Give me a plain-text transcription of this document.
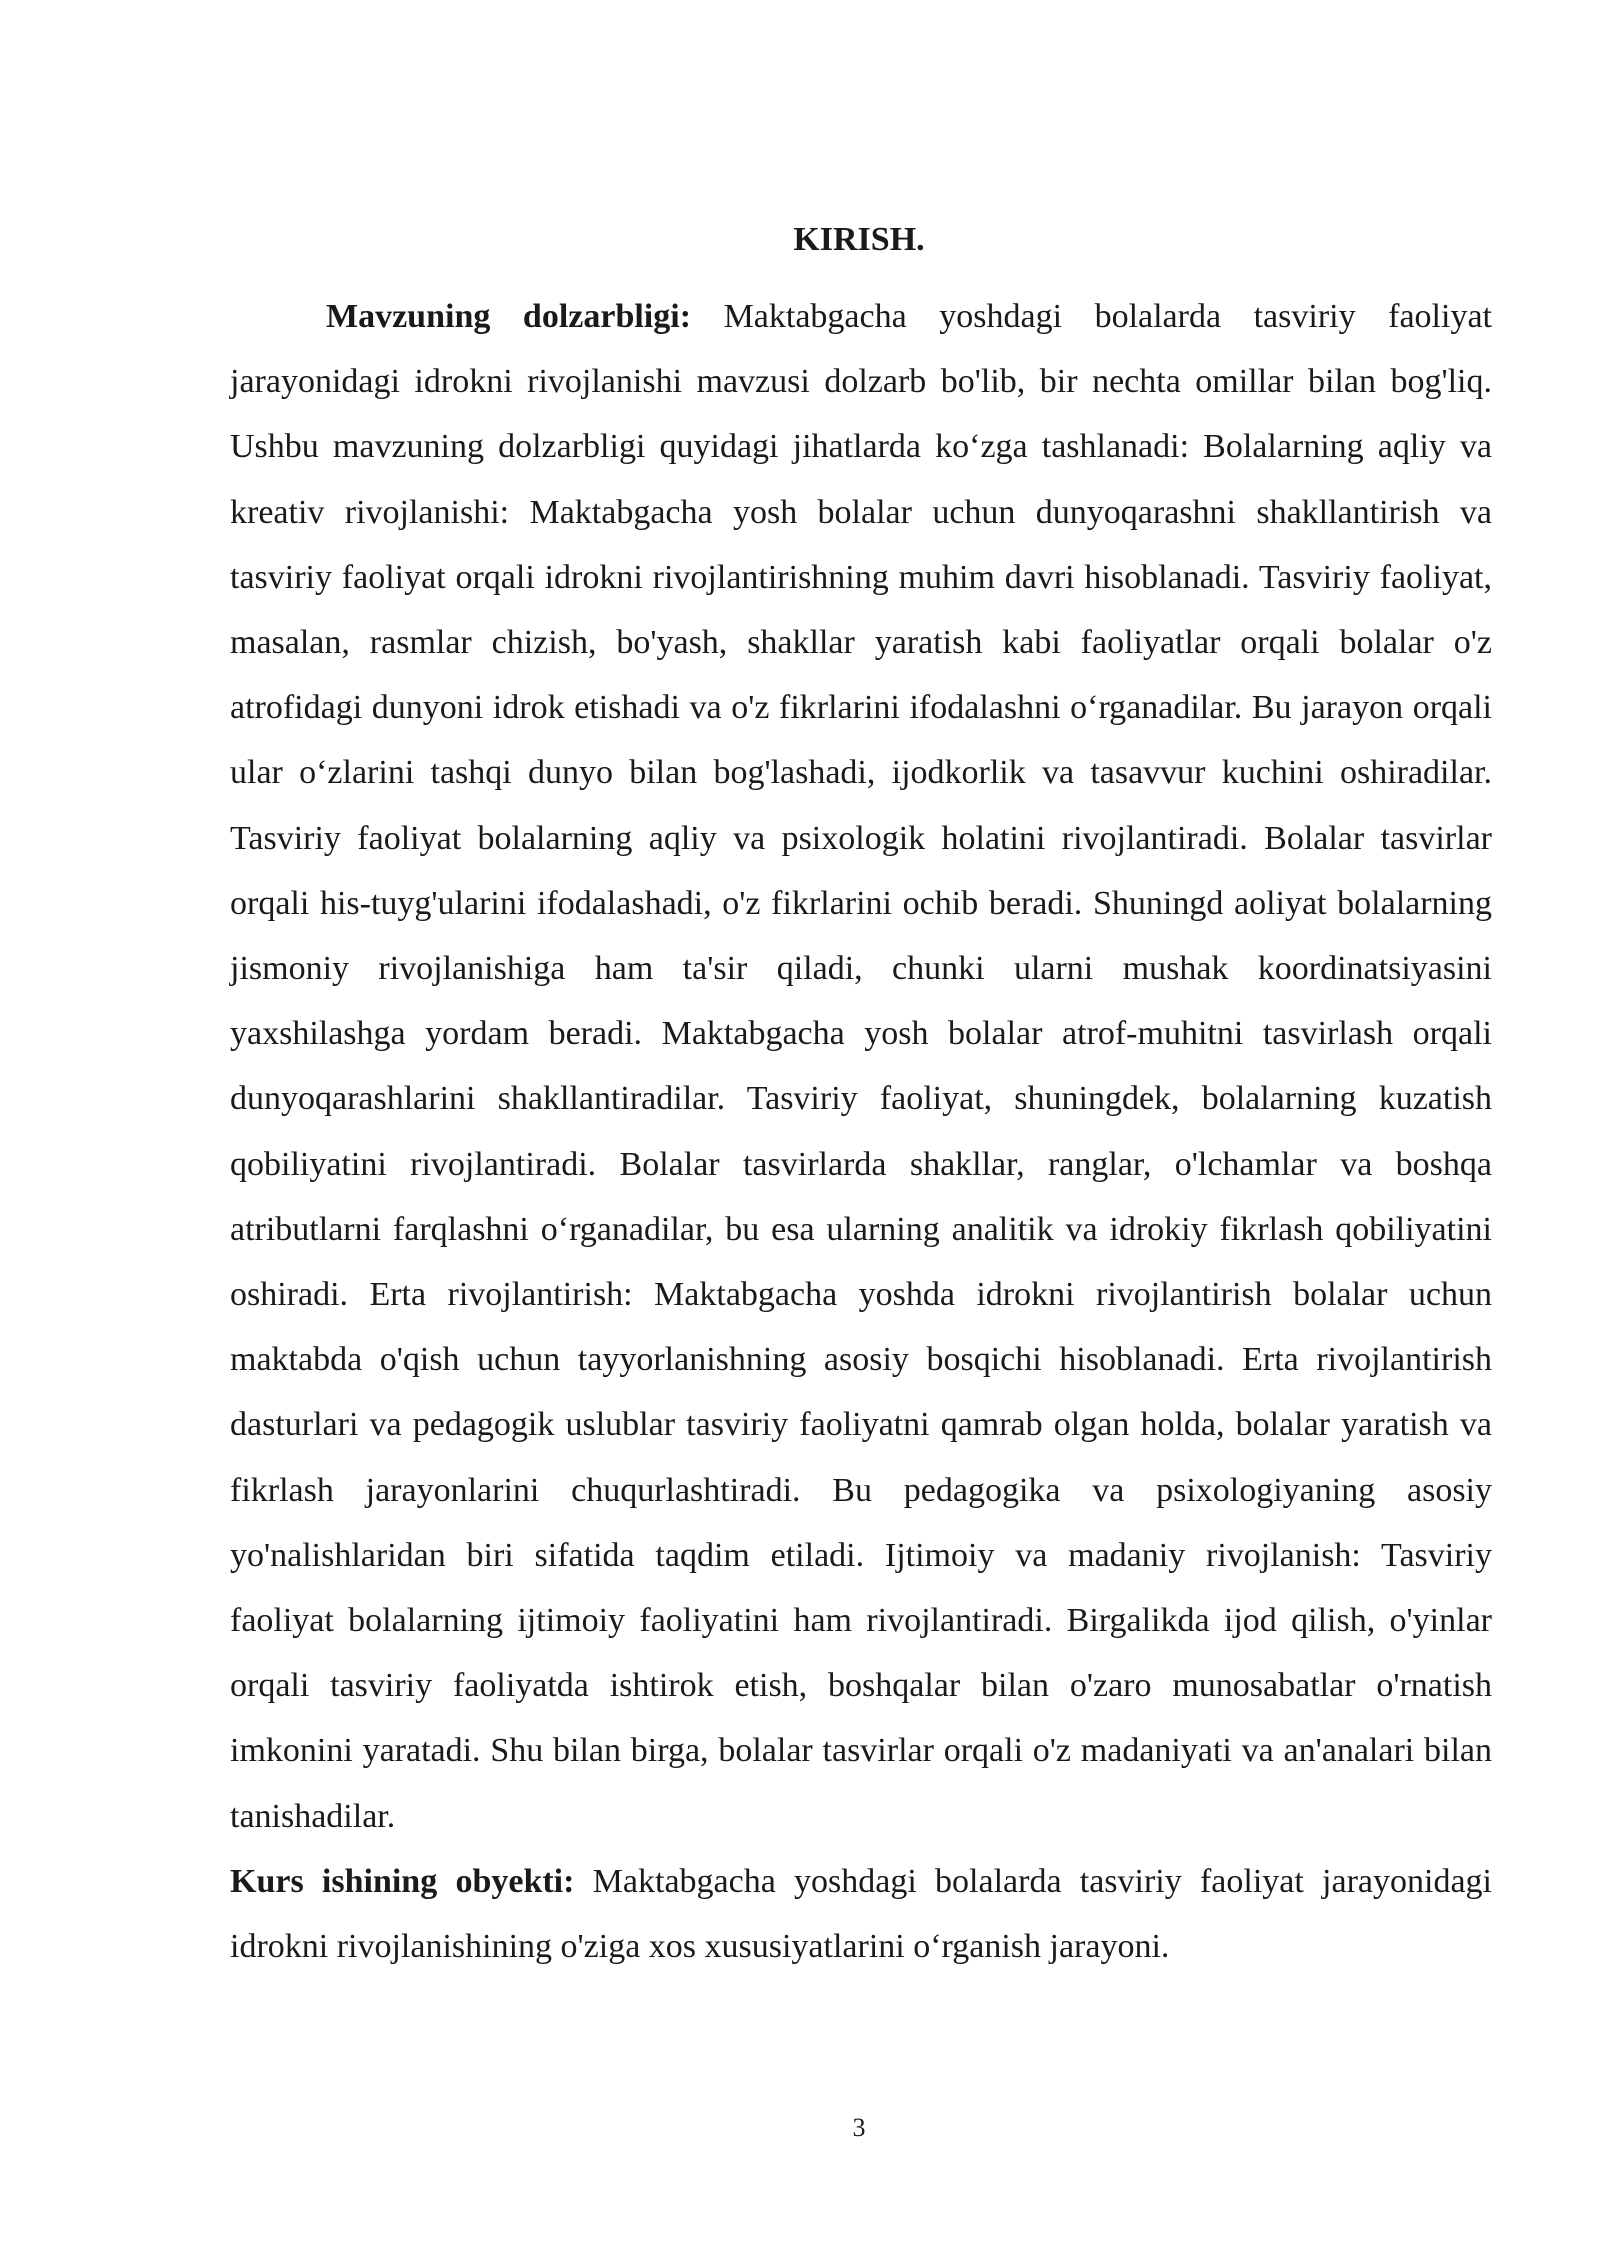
KIRISH.

Mavzuning dolzarbligi: Maktabgacha yoshdagi bolalarda tasviriy faoliyat jarayonidagi idrokni rivojlanishi mavzusi dolzarb bo'lib, bir nechta omillar bilan bog'liq. Ushbu mavzuning dolzarbligi quyidagi jihatlarda ko‘zga tashlanadi: Bolalarning aqliy va kreativ rivojlanishi: Maktabgacha yosh bolalar uchun dunyoqarashni shakllantirish va tasviriy faoliyat orqali idrokni rivojlantirishning muhim davri hisoblanadi. Tasviriy faoliyat, masalan, rasmlar chizish, bo'yash, shakllar yaratish kabi faoliyatlar orqali bolalar o'z atrofidagi dunyoni idrok etishadi va o'z fikrlarini ifodalashni o‘rganadilar. Bu jarayon orqali ular o‘zlarini tashqi dunyo bilan bog'lashadi, ijodkorlik va tasavvur kuchini oshiradilar. Tasviriy faoliyat bolalarning aqliy va psixologik holatini rivojlantiradi. Bolalar tasvirlar orqali his-tuyg'ularini ifodalashadi, o'z fikrlarini ochib beradi. Shuningd aoliyat bolalarning jismoniy rivojlanishiga ham ta'sir qiladi, chunki ularni mushak koordinatsiyasini yaxshilashga yordam beradi. Maktabgacha yosh bolalar atrof-muhitni tasvirlash orqali dunyoqarashlarini shakllantiradilar. Tasviriy faoliyat, shuningdek, bolalarning kuzatish qobiliyatini rivojlantiradi. Bolalar tasvirlarda shakllar, ranglar, o'lchamlar va boshqa atributlarni farqlashni o‘rganadilar, bu esa ularning analitik va idrokiy fikrlash qobiliyatini oshiradi. Erta rivojlantirish: Maktabgacha yoshda idrokni rivojlantirish bolalar uchun maktabda o'qish uchun tayyorlanishning asosiy bosqichi hisoblanadi. Erta rivojlantirish dasturlari va pedagogik uslublar tasviriy faoliyatni qamrab olgan holda, bolalar yaratish va fikrlash jarayonlarini chuqurlashtiradi. Bu pedagogika va psixologiyaning asosiy yo'nalishlaridan biri sifatida taqdim etiladi. Ijtimoiy va madaniy rivojlanish: Tasviriy faoliyat bolalarning ijtimoiy faoliyatini ham rivojlantiradi. Birgalikda ijod qilish, o'yinlar orqali tasviriy faoliyatda ishtirok etish, boshqalar bilan o'zaro munosabatlar o'rnatish imkonini yaratadi. Shu bilan birga, bolalar tasvirlar orqali o'z madaniyati va an'analari bilan tanishadilar.

Kurs ishining obyekti: Maktabgacha yoshdagi bolalarda tasviriy faoliyat jarayonidagi idrokni rivojlanishining o'ziga xos xususiyatlarini o‘rganish jarayoni.

3
